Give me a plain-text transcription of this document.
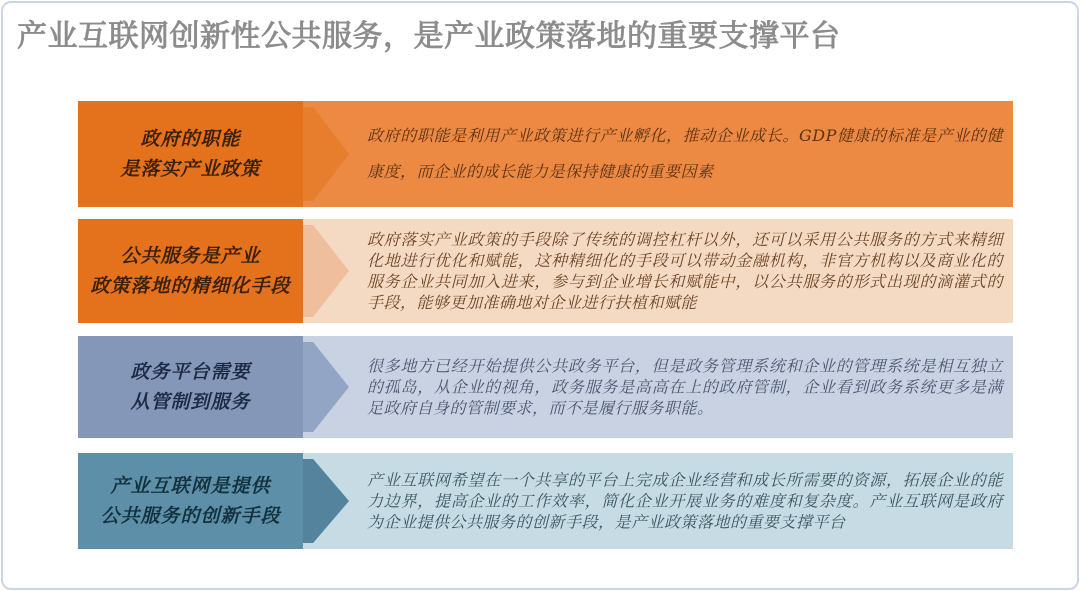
产业互联网创新性公共服务，是产业政策落地的重要支撑平台
政府的职能
是落实产业政策
政府的职能是利用产业政策进行产业孵化，推动企业成长。GDP健康的标准是产业的健康度，而企业的成长能力是保持健康的重要因素
公共服务是产业
政策落地的精细化手段
政府落实产业政策的手段除了传统的调控杠杆以外，还可以采用公共服务的方式来精细化地进行优化和赋能，这种精细化的手段可以带动金融机构，非官方机构以及商业化的服务企业共同加入进来，参与到企业增长和赋能中，以公共服务的形式出现的滴灌式的手段，能够更加准确地对企业进行扶植和赋能
政务平台需要
从管制到服务
很多地方已经开始提供公共政务平台，但是政务管理系统和企业的管理系统是相互独立的孤岛，从企业的视角，政务服务是高高在上的政府管制，企业看到政务系统更多是满足政府自身的管制要求，而不是履行服务职能。
产业互联网是提供
公共服务的创新手段
产业互联网希望在一个共享的平台上完成企业经营和成长所需要的资源，拓展企业的能力边界，提高企业的工作效率，简化企业开展业务的难度和复杂度。产业互联网是政府为企业提供公共服务的创新手段，是产业政策落地的重要支撑平台
